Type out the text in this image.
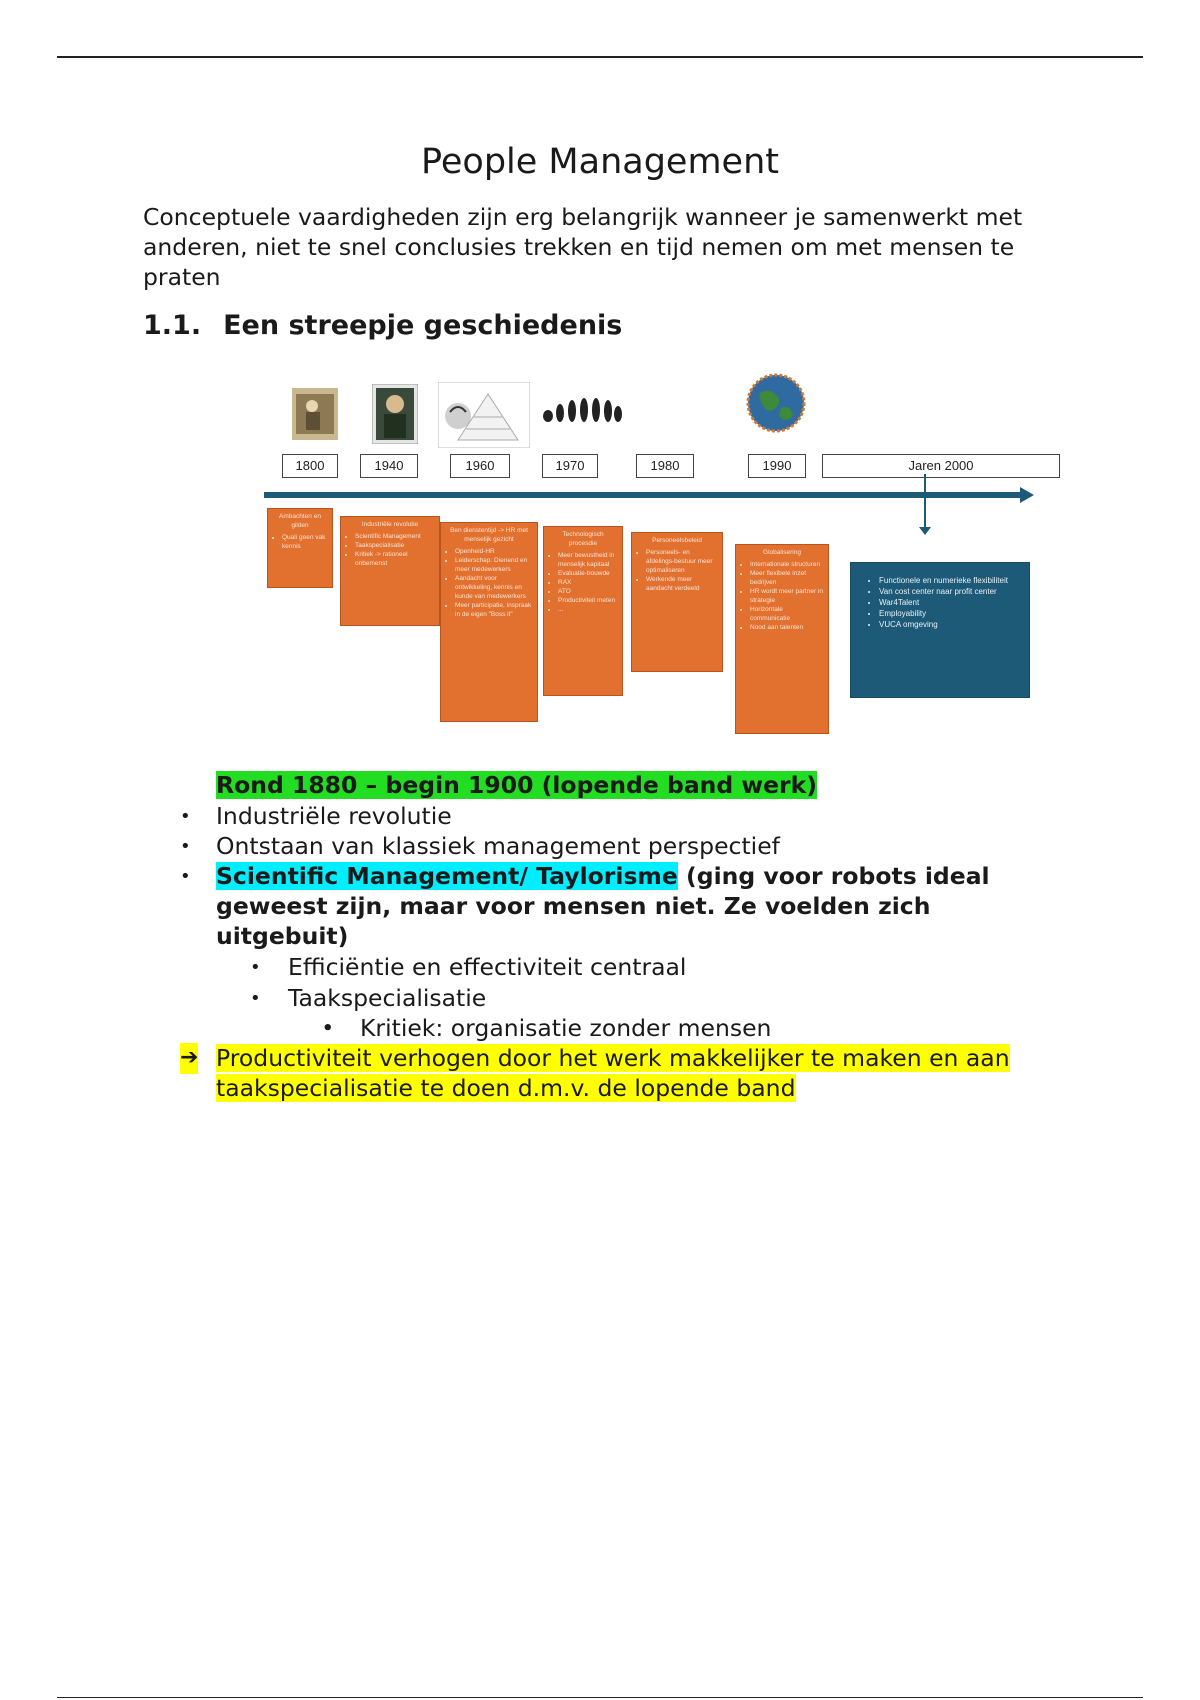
People Management

Conceptuele vaardigheden zijn erg belangrijk wanneer je samenwerkt met anderen, niet te snel conclusies trekken en tijd nemen om met mensen te praten

1.1. Een streepje geschiedenis
1800	1940	1960	1970	1980	1990	Jaren 2000
Ambachten en gilden
• Quali geen vak kennis
Industriële revolutie
• Scientific Management
• Taakspecialisatie
• Kritiek -> rationeel onbemenst
Ben dienstentijd -> HR met menselijk gezicht
• Openheid-HR
• Leiderschap: Dienend en meer medewerkers
• Aandacht voor ontwikkeling, kennis en kunde van medewerkers
• Meer participatie, inspraak in de eigen "Boss it"
Technologisch procesdie
• Meer bewustheid in menselijk kapitaal
• Evaluatie-bouwde
• RAX
• ATO
• Productiviteit meten
• ...
Personeelsbeleid
• Personeels- en afdelings-bestuur meer optimaliseren
• Werkende meer aandacht verdeeld
Globalisering
• Internationale structuren
• Meer flexibele inzet bedrijven
• HR wordt meer partner in strategie
• Horizontale communicatie
• Nood aan talenten
• Functionele en numerieke flexibiliteit
• Van cost center naar profit center
• War4Talent
• Employability
• VUCA omgeving
Rond 1880 – begin 1900 (lopende band werk)
• Industriële revolutie
• Ontstaan van klassiek management perspectief
• Scientific Management/ Taylorisme (ging voor robots ideal
geweest zijn, maar voor mensen niet. Ze voelden zich
uitgebuit)
• Efficiëntie en effectiviteit centraal
• Taakspecialisatie
• Kritiek: organisatie zonder mensen
➔ Productiviteit verhogen door het werk makkelijker te maken en aan
taakspecialisatie te doen d.m.v. de lopende band
